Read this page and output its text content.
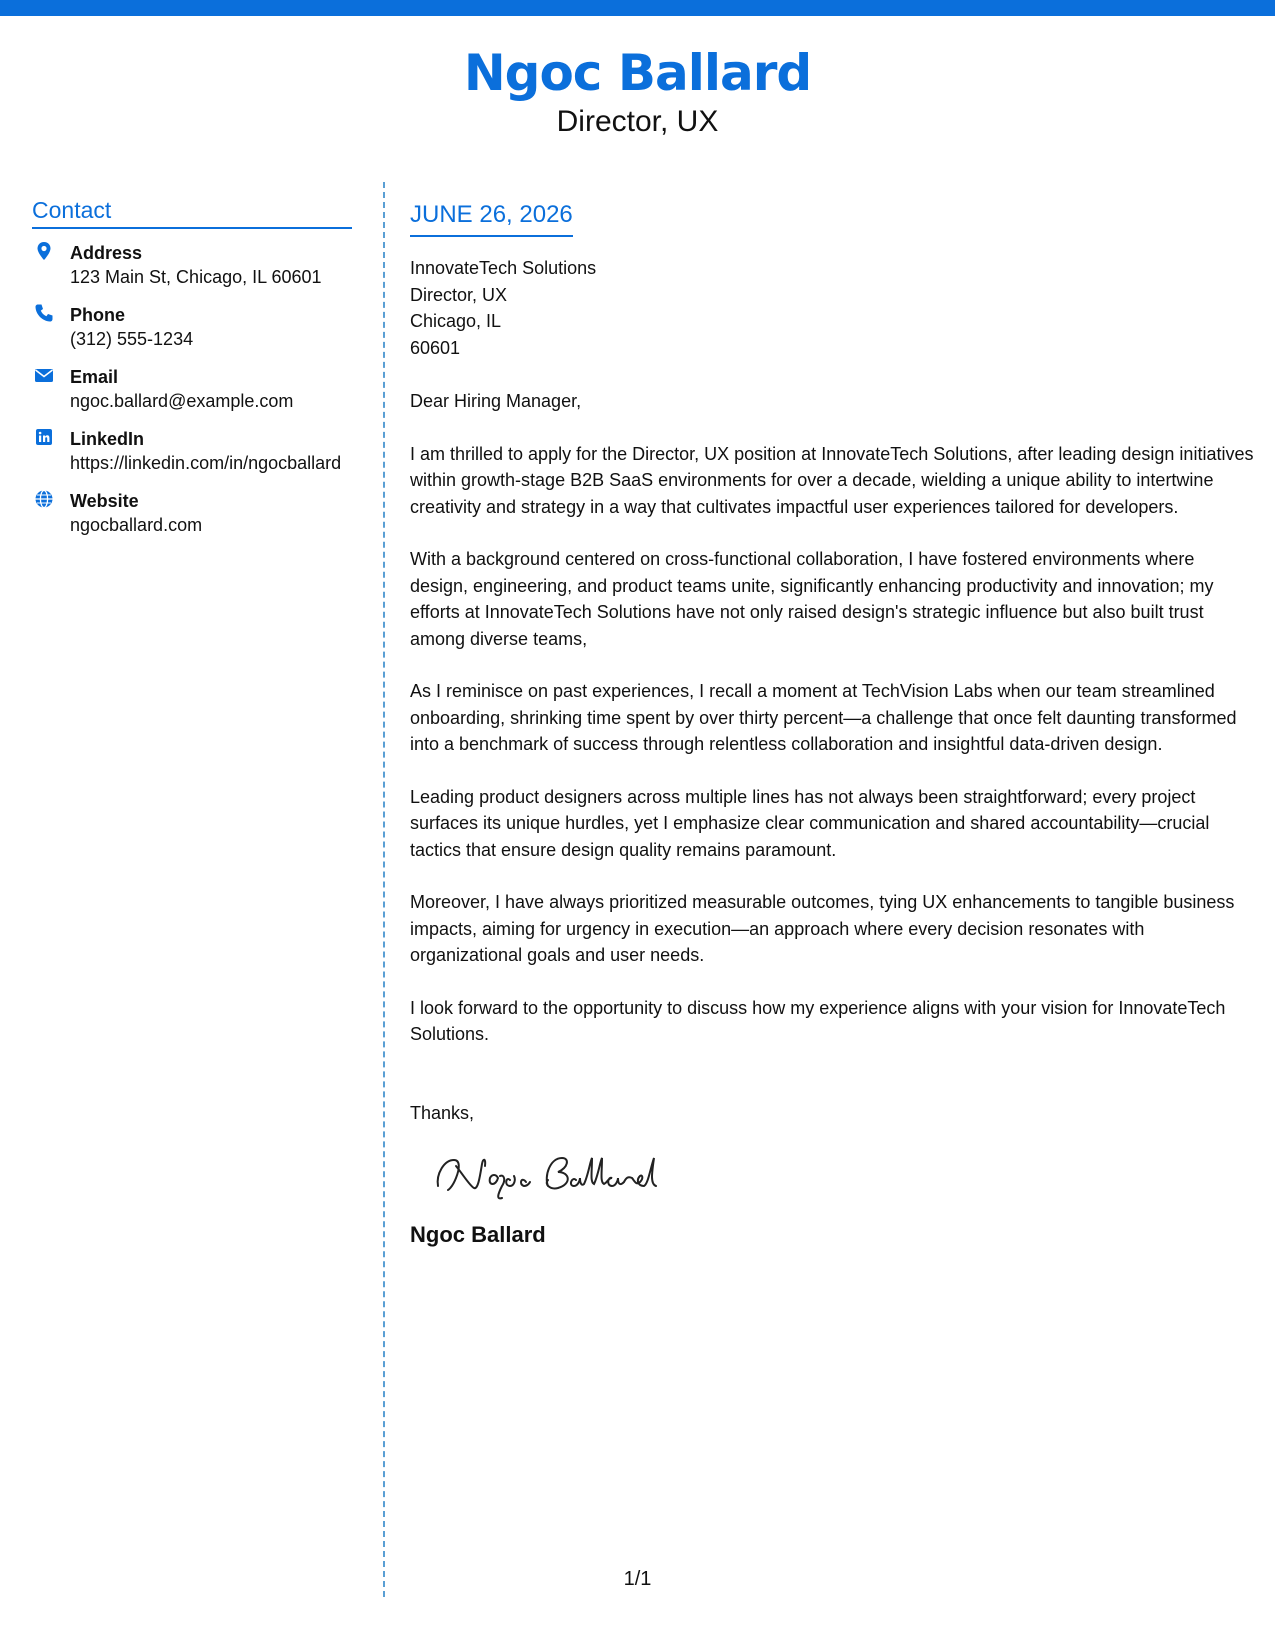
Ngoc Ballard
Director, UX
Contact
Address
123 Main St, Chicago, IL 60601
Phone
(312) 555-1234
Email
ngoc.ballard@example.com
LinkedIn
https://linkedin.com/in/ngocballard
Website
ngocballard.com
JUNE 26, 2026
InnovateTech Solutions
Director, UX
Chicago, IL
60601
Dear Hiring Manager,
I am thrilled to apply for the Director, UX position at InnovateTech Solutions, after leading design initiatives within growth-stage B2B SaaS environments for over a decade, wielding a unique ability to intertwine creativity and strategy in a way that cultivates impactful user experiences tailored for developers.
With a background centered on cross-functional collaboration, I have fostered environments where design, engineering, and product teams unite, significantly enhancing productivity and innovation; my efforts at InnovateTech Solutions have not only raised design's strategic influence but also built trust among diverse teams,
As I reminisce on past experiences, I recall a moment at TechVision Labs when our team streamlined onboarding, shrinking time spent by over thirty percent—a challenge that once felt daunting transformed into a benchmark of success through relentless collaboration and insightful data-driven design.
Leading product designers across multiple lines has not always been straightforward; every project surfaces its unique hurdles, yet I emphasize clear communication and shared accountability—crucial tactics that ensure design quality remains paramount.
Moreover, I have always prioritized measurable outcomes, tying UX enhancements to tangible business impacts, aiming for urgency in execution—an approach where every decision resonates with organizational goals and user needs.
I look forward to the opportunity to discuss how my experience aligns with your vision for InnovateTech Solutions.
Thanks,
Ngoc Ballard
1/1
